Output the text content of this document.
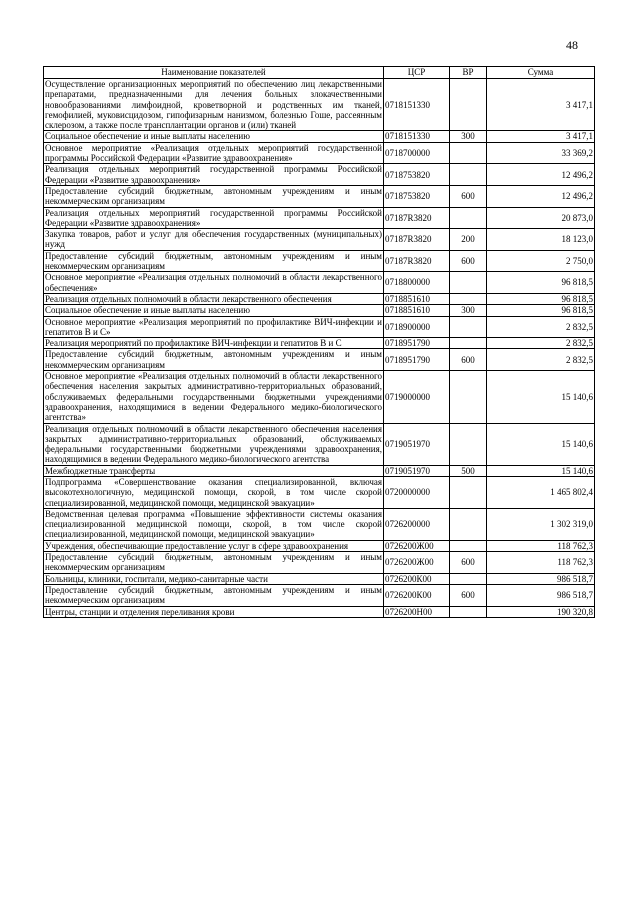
48
Наименование показателей	ЦСР	ВР	Сумма
Осуществление организационных мероприятий по обеспечению лиц лекарственными препаратами, предназначенными для лечения больных злокачественными новообразованиями лимфоидной, кроветворной и родственных им тканей, гемофилией, муковисцидозом, гипофизарным нанизмом, болезнью Гоше, рассеянным склерозом, а также после трансплантации органов и (или) тканей	0718151330		3 417,1
Социальное обеспечение и иные выплаты населению	0718151330	300	3 417,1
Основное мероприятие «Реализация отдельных мероприятий государственной программы Российской Федерации «Развитие здравоохранения»	0718700000		33 369,2
Реализация отдельных мероприятий государственной программы Российской Федерации «Развитие здравоохранения»	0718753820		12 496,2
Предоставление субсидий бюджетным, автономным учреждениям и иным некоммерческим организациям	0718753820	600	12 496,2
Реализация отдельных мероприятий государственной программы Российской Федерации «Развитие здравоохранения»	07187R3820		20 873,0
Закупка товаров, работ и услуг для обеспечения государственных (муниципальных) нужд	07187R3820	200	18 123,0
Предоставление субсидий бюджетным, автономным учреждениям и иным некоммерческим организациям	07187R3820	600	2 750,0
Основное мероприятие «Реализация отдельных полномочий в области лекарственного обеспечения»	0718800000		96 818,5
Реализация отдельных полномочий в области лекарственного обеспечения	0718851610		96 818,5
Социальное обеспечение и иные выплаты населению	0718851610	300	96 818,5
Основное мероприятие «Реализация мероприятий по профилактике ВИЧ-инфекции и гепатитов В и С»	0718900000		2 832,5
Реализация мероприятий по профилактике ВИЧ-инфекции и гепатитов В и С	0718951790		2 832,5
Предоставление субсидий бюджетным, автономным учреждениям и иным некоммерческим организациям	0718951790	600	2 832,5
Основное мероприятие «Реализация отдельных полномочий в области лекарственного обеспечения населения закрытых административно-территориальных образований, обслуживаемых федеральными государственными бюджетными учреждениями здравоохранения, находящимися в ведении Федерального медико-биологического агентства»	0719000000		15 140,6
Реализация отдельных полномочий в области лекарственного обеспечения населения закрытых административно-территориальных образований, обслуживаемых федеральными государственными бюджетными учреждениями здравоохранения, находящимися в ведении Федерального медико-биологического агентства	0719051970		15 140,6
Межбюджетные трансферты	0719051970	500	15 140,6
Подпрограмма «Совершенствование оказания специализированной, включая высокотехнологичную, медицинской помощи, скорой, в том числе скорой специализированной, медицинской помощи, медицинской эвакуации»	0720000000		1 465 802,4
Ведомственная целевая программа «Повышение эффективности системы оказания специализированной медицинской помощи, скорой, в том числе скорой специализированной, медицинской помощи, медицинской эвакуации»	0726200000		1 302 319,0
Учреждения, обеспечивающие предоставление услуг в сфере здравоохранения	0726200Ж00		118 762,3
Предоставление субсидий бюджетным, автономным учреждениям и иным некоммерческим организациям	0726200Ж00	600	118 762,3
Больницы, клиники, госпитали, медико-санитарные части	0726200К00		986 518,7
Предоставление субсидий бюджетным, автономным учреждениям и иным некоммерческим организациям	0726200К00	600	986 518,7
Центры, станции и отделения переливания крови	0726200Н00		190 320,8
